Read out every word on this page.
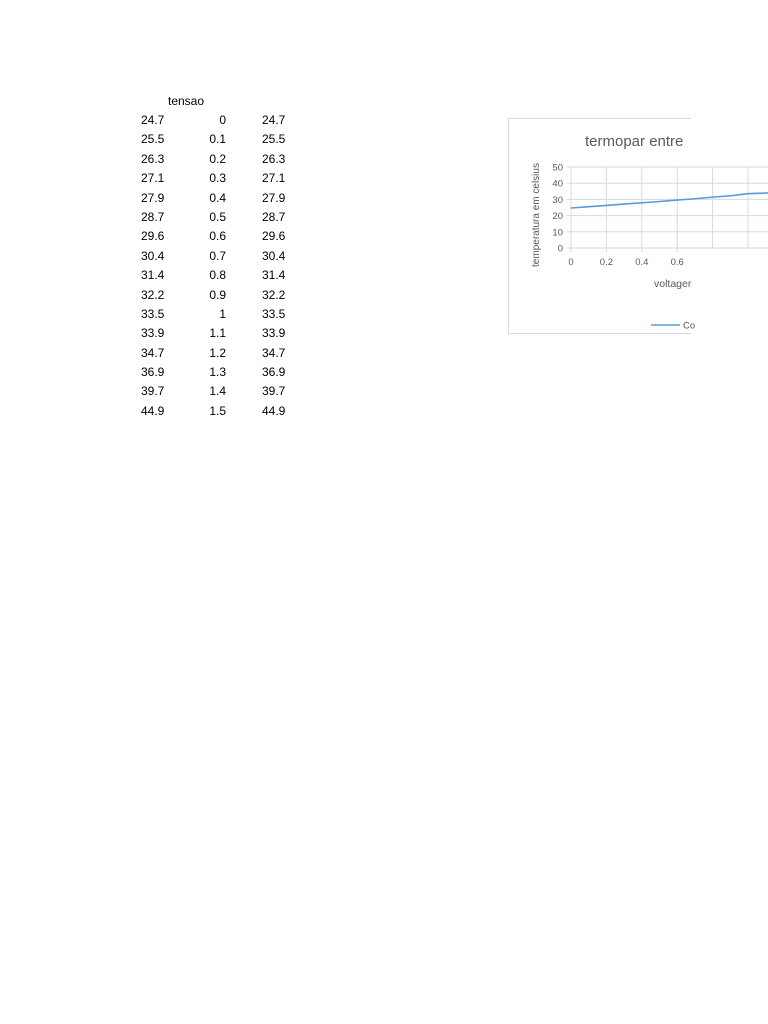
tensao
24.7	0	24.7
25.5	0.1	25.5
26.3	0.2	26.3
27.1	0.3	27.1
27.9	0.4	27.9
28.7	0.5	28.7
29.6	0.6	29.6
30.4	0.7	30.4
31.4	0.8	31.4
32.2	0.9	32.2
33.5	1	33.5
33.9	1.1	33.9
34.7	1.2	34.7
36.9	1.3	36.9
39.7	1.4	39.7
44.9	1.5	44.9
termopar entre
0
10
20
30
40
50
0	0.2 0.4 0.6
temperatura em celsius
voltager
Co
